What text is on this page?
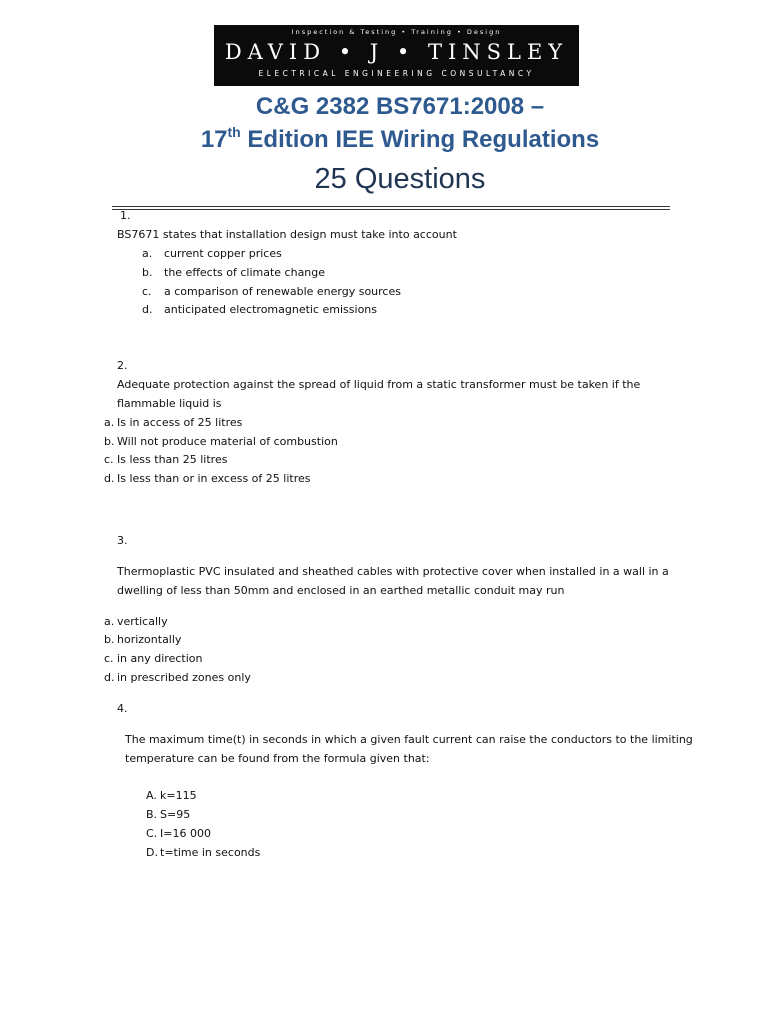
Inspection & Testing • Training • Design
DAVID • J • TINSLEY
ELECTRICAL ENGINEERING CONSULTANCY
C&G 2382 BS7671:2008 –
17th Edition IEE Wiring Regulations
25 Questions
1.
BS7671 states that installation design must take into account
a. current copper prices
b. the effects of climate change
c. a comparison of renewable energy sources
d. anticipated electromagnetic emissions
2.
Adequate protection against the spread of liquid from a static transformer must be taken if the
flammable liquid is
a. Is in access of 25 litres
b. Will not produce material of combustion
c. Is less than 25 litres
d. Is less than or in excess of 25 litres
3.
Thermoplastic PVC insulated and sheathed cables with protective cover when installed in a wall in a
dwelling of less than 50mm and enclosed in an earthed metallic conduit may run
a. vertically
b. horizontally
c. in any direction
d. in prescribed zones only
4.
The maximum time(t) in seconds in which a given fault current can raise the conductors to the limiting
temperature can be found from the formula given that:
A. k=115
B. S=95
C. I=16 000
D. t=time in seconds
